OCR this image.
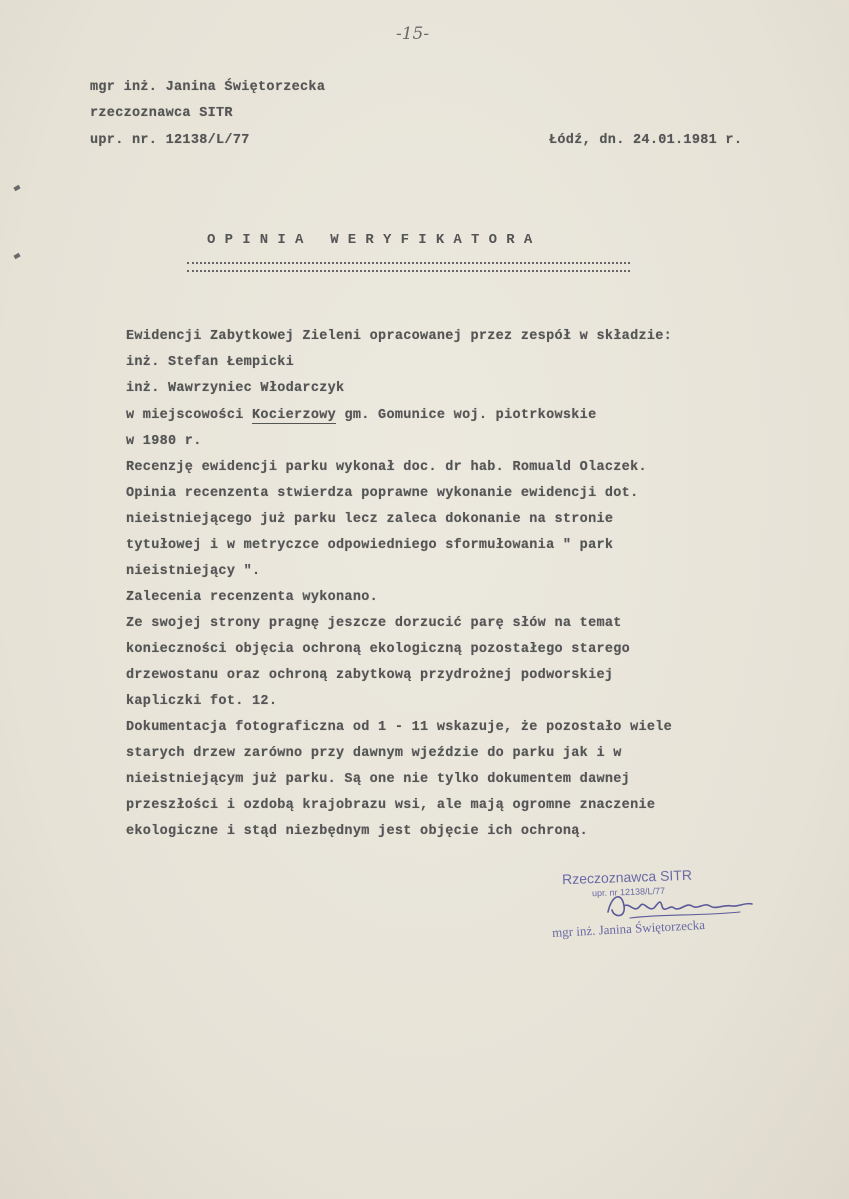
-15-
mgr inż. Janina Świętorzecka
rzeczoznawca SITR
upr. nr. 12138/L/77	Łódź, dn. 24.01.1981 r.
OPINIA WERYFIKATORA
Ewidencji Zabytkowej Zieleni opracowanej przez zespół w składzie:
inż. Stefan Łempicki
inż. Wawrzyniec Włodarczyk
w miejscowości Kocierzowy gm. Gomunice woj. piotrkowskie
w 1980 r.
Recenzję ewidencji parku wykonał doc. dr hab. Romuald Olaczek.
Opinia recenzenta stwierdza poprawne wykonanie ewidencji dot.
nieistniejącego już parku lecz zaleca dokonanie na stronie
tytułowej i w metryczce odpowiedniego sformułowania " park
nieistniejący ".
Zalecenia recenzenta wykonano.
Ze swojej strony pragnę jeszcze dorzucić parę słów na temat
konieczności objęcia ochroną ekologiczną pozostałego starego
drzewostanu oraz ochroną zabytkową przydrożnej podworskiej
kapliczki fot. 12.
Dokumentacja fotograficzna od 1 - 11 wskazuje, że pozostało wiele
starych drzew zarówno przy dawnym wjeździe do parku jak i w
nieistniejącym już parku. Są one nie tylko dokumentem dawnej
przeszłości i ozdobą krajobrazu wsi, ale mają ogromne znaczenie
ekologiczne i stąd niezbędnym jest objęcie ich ochroną.
Rzeczoznawca SITR
upr. nr 12138/L/77
mgr inż. Janina Świętorzecka
